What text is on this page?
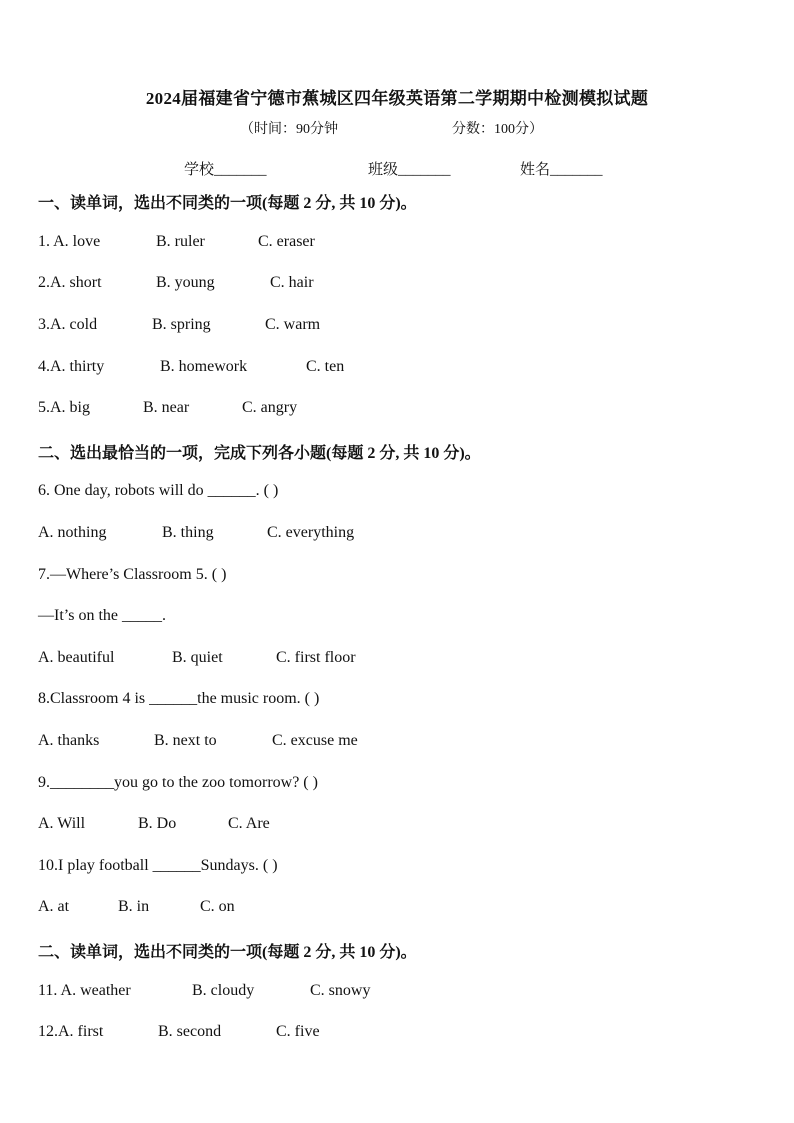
2024届福建省宁德市蕉城区四年级英语第二学期期中检测模拟试题
（时间：90分钟	分数：100分）
学校_______	班级_______	姓名_______
一、读单词，选出不同类的一项(每题 2 分, 共 10 分)。
1. A. love	B. ruler	C. eraser
2.A. short	B. young	C. hair
3.A. cold	B. spring	C. warm
4.A. thirty	B. homework	C. ten
5.A. big	B. near	C. angry
二、选出最恰当的一项，完成下列各小题(每题 2 分, 共 10 分)。
6. One day, robots will do ______. ( )
A. nothing	B. thing	C. everything
7.—Where’s Classroom 5. ( )
—It’s on the _____.
A. beautiful	B. quiet	C. first floor
8.Classroom 4 is ______the music room. ( )
A. thanks	B. next to	C. excuse me
9.________you go to the zoo tomorrow? ( )
A. Will	B. Do	C. Are
10.I play football ______Sundays. ( )
A. at	B. in	C. on
二、读单词，选出不同类的一项(每题 2 分, 共 10 分)。
11. A. weather	B. cloudy	C. snowy
12.A. first	B. second	C. five
